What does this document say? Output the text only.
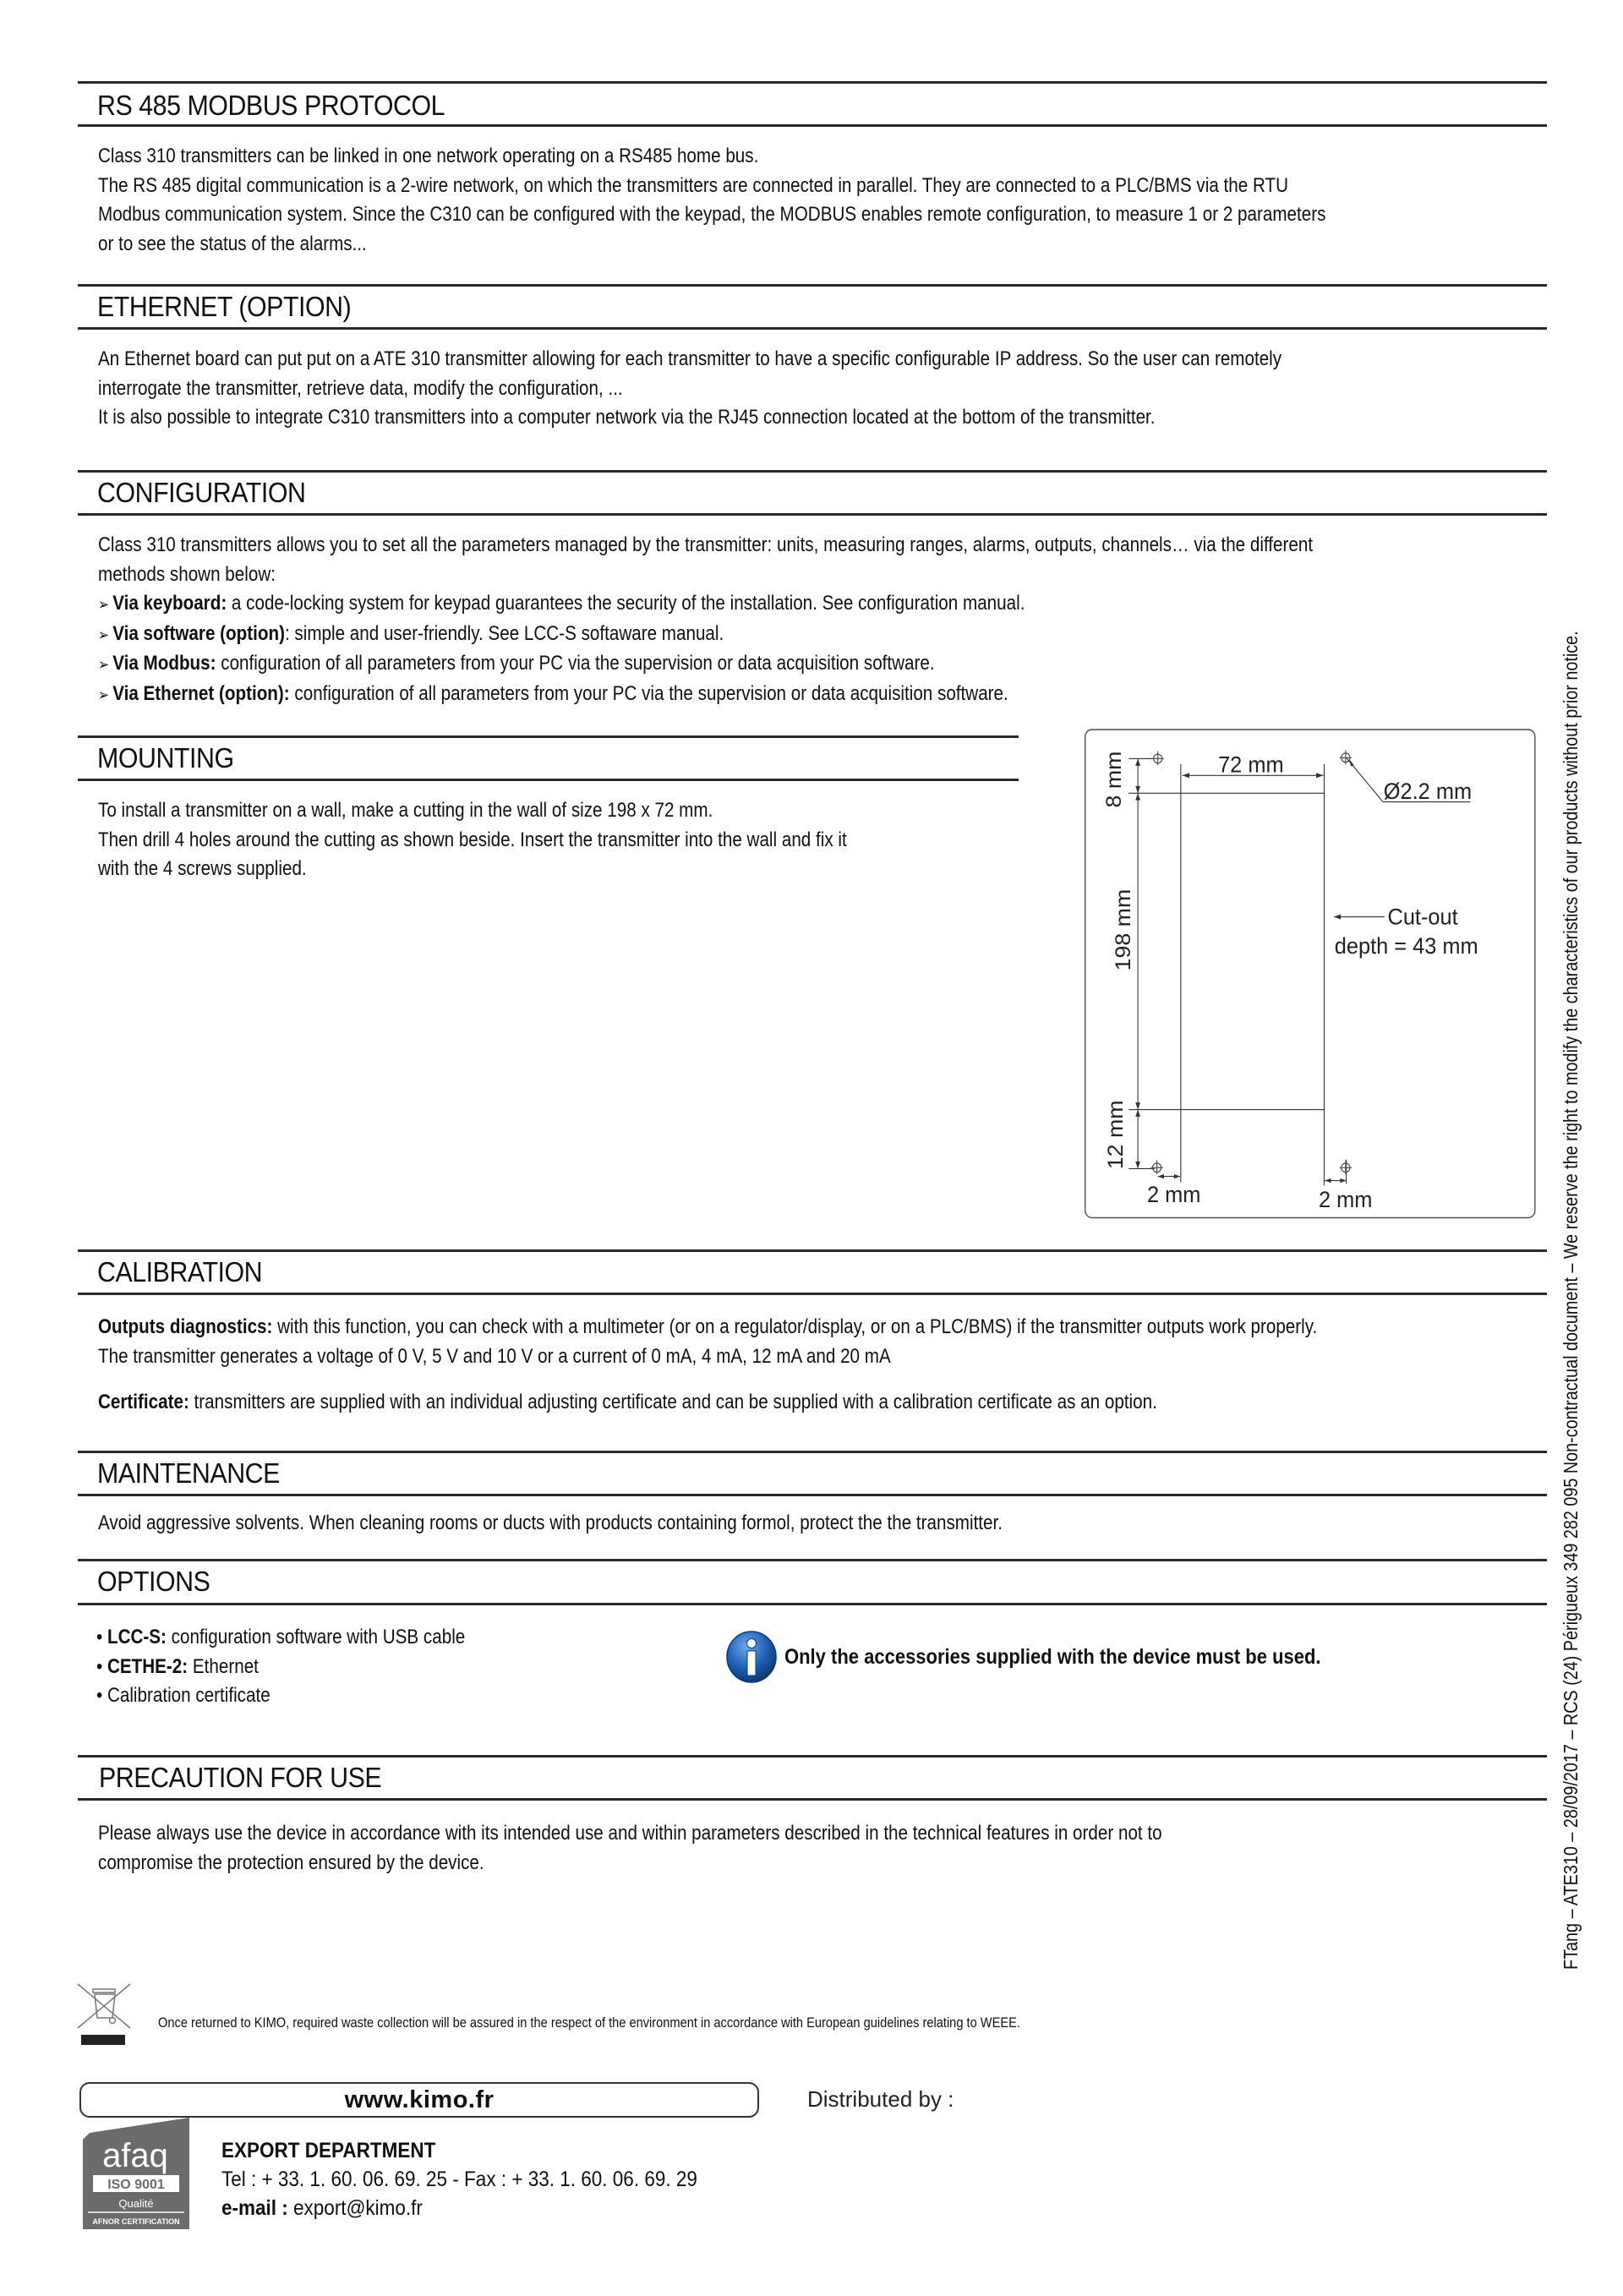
RS 485 MODBUS PROTOCOL

Class 310 transmitters can be linked in one network operating on a RS485 home bus.

The RS 485 digital communication is a 2-wire network, on which the transmitters are connected in parallel. They are connected to a PLC/BMS via the RTU

Modbus communication system. Since the C310 can be configured with the keypad, the MODBUS enables remote configuration, to measure 1 or 2 parameters

or to see the status of the alarms...

ETHERNET (OPTION)

An Ethernet board can put put on a ATE 310 transmitter allowing for each transmitter to have a specific configurable IP address. So the user can remotely

interrogate the transmitter, retrieve data, modify the configuration, ...

It is also possible to integrate C310 transmitters into a computer network via the RJ45 connection located at the bottom of the transmitter.

CONFIGURATION

Class 310 transmitters allows you to set all the parameters managed by the transmitter: units, measuring ranges, alarms, outputs, channels… via the different

methods shown below:

➢ Via keyboard: a code-locking system for keypad guarantees the security of the installation. See configuration manual.

➢ Via software (option): simple and user-friendly. See LCC-S softaware manual.

➢ Via Modbus: configuration of all parameters from your PC via the supervision or data acquisition software.

➢ Via Ethernet (option): configuration of all parameters from your PC via the supervision or data acquisition software.

MOUNTING

To install a transmitter on a wall, make a cutting in the wall of size 198 x 72 mm.

Then drill 4 holes around the cutting as shown beside. Insert the transmitter into the wall and fix it

with the 4 screws supplied.

72 mm
Ø2.2 mm
Cut-out
depth = 43 mm
2 mm 2 mm
8 mm
198 mm
12 mm
CALIBRATION

Outputs diagnostics: with this function, you can check with a multimeter (or on a regulator/display, or on a PLC/BMS) if the transmitter outputs work properly.

The transmitter generates a voltage of 0 V, 5 V and 10 V or a current of 0 mA, 4 mA, 12 mA and 20 mA

Certificate: transmitters are supplied with an individual adjusting certificate and can be supplied with a calibration certificate as an option.

MAINTENANCE
Avoid aggressive solvents. When cleaning rooms or ducts with products containing formol, protect the the transmitter.
OPTIONS

• LCC-S: configuration software with USB cable

• CETHE-2: Ethernet

• Calibration certificate

Only the accessories supplied with the device must be used.
PRECAUTION FOR USE

Please always use the device in accordance with its intended use and within parameters described in the technical features in order not to

compromise the protection ensured by the device.	FTang – ATE310 – 28/09/2017 – RCS (24) Périgueux 349 282 095 Non-contractual document – We reserve the right to modify the characteristics of our products without prior notice.
Once returned to KIMO, required waste collection will be assured in the respect of the environment in accordance with European guidelines relating to WEEE.
www.kimo.fr	Distributed by :
afaq
ISO 9001
Qualité
AFNOR CERTIFICATION

EXPORT DEPARTMENT

Tel : + 33. 1. 60. 06. 69. 25 - Fax : + 33. 1. 60. 06. 69. 29

e-mail : export@kimo.fr
